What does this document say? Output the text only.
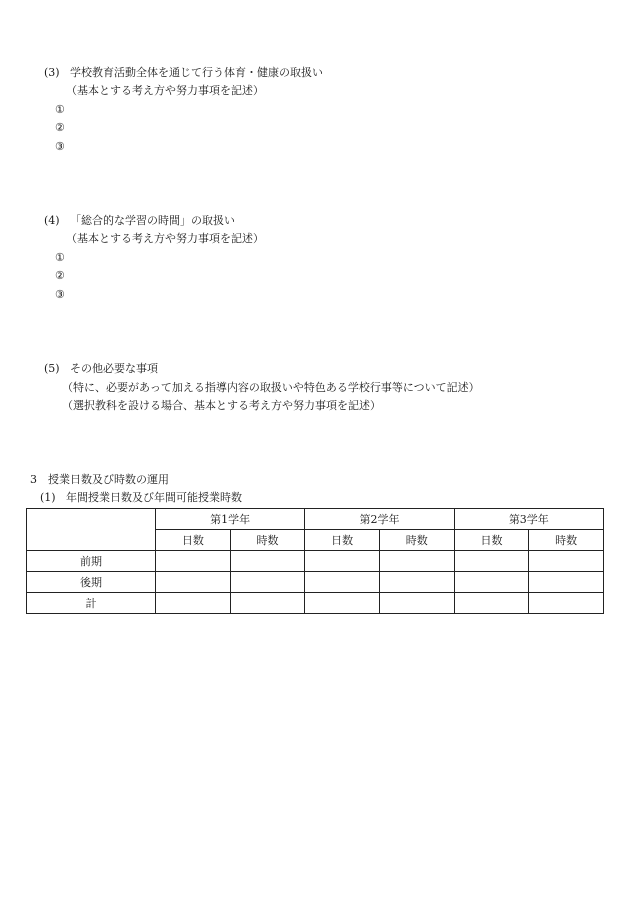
(3) 学校教育活動全体を通じて行う体育・健康の取扱い
（基本とする考え方や努力事項を記述）
①
②
③
(4) 「総合的な学習の時間」の取扱い
（基本とする考え方や努力事項を記述）
①
②
③
(5) その他必要な事項
（特に、必要があって加える指導内容の取扱いや特色ある学校行事等について記述）
（選択教科を設ける場合、基本とする考え方や努力事項を記述）
3 授業日数及び時数の運用
(1) 年間授業日数及び年間可能授業時数
	第1学年		第2学年		第3学年	
	日数	時数	日数	時数	日数	時数
前期						
後期						
計						
